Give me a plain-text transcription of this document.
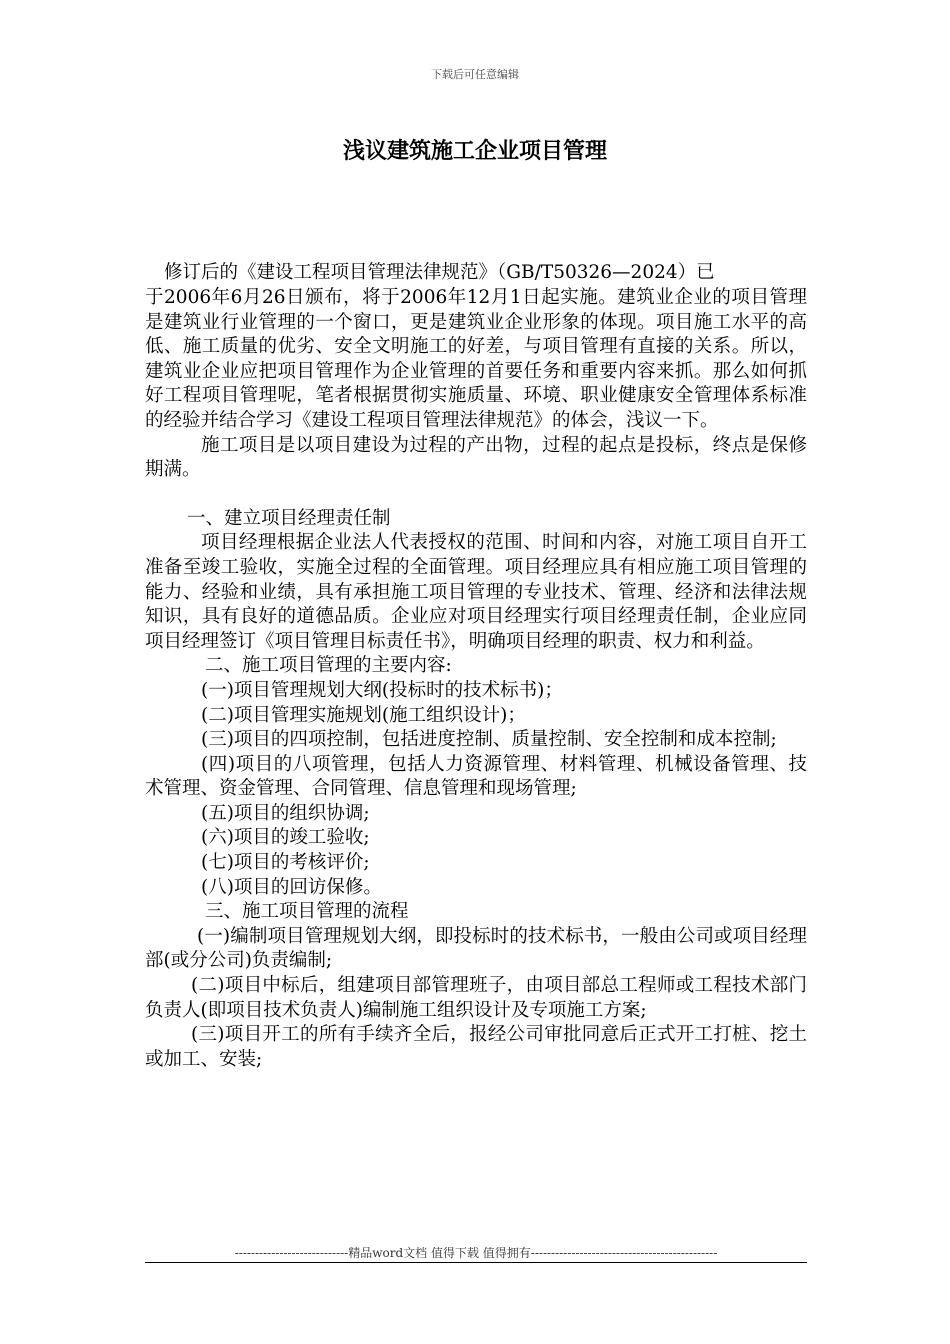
下载后可任意编辑
浅议建筑施工企业项目管理

修订后的《建设工程项目管理法律规范》（GB/T50326—2024）已

于2006年6月26日颁布，将于2006年12月1日起实施。建筑业企业的项目管理是建筑业行业管理的一个窗口，更是建筑业企业形象的体现。项目施工水平的高低、施工质量的优劣、安全文明施工的好差，与项目管理有直接的关系。所以，建筑业企业应把项目管理作为企业管理的首要任务和重要内容来抓。那么如何抓好工程项目管理呢，笔者根据贯彻实施质量、环境、职业健康安全管理体系标准的经验并结合学习《建设工程项目管理法律规范》的体会，浅议一下。

施工项目是以项目建设为过程的产出物，过程的起点是投标，终点是保修期满。

一、建立项目经理责任制

项目经理根据企业法人代表授权的范围、时间和内容，对施工项目自开工准备至竣工验收，实施全过程的全面管理。项目经理应具有相应施工项目管理的能力、经验和业绩，具有承担施工项目管理的专业技术、管理、经济和法律法规知识，具有良好的道德品质。企业应对项目经理实行项目经理责任制，企业应同项目经理签订《项目管理目标责任书》，明确项目经理的职责、权力和利益。

二、施工项目管理的主要内容:

(一)项目管理规划大纲(投标时的技术标书)；

(二)项目管理实施规划(施工组织设计)；

(三)项目的四项控制，包括进度控制、质量控制、安全控制和成本控制;

(四)项目的八项管理，包括人力资源管理、材料管理、机械设备管理、技术管理、资金管理、合同管理、信息管理和现场管理;

(五)项目的组织协调;

(六)项目的竣工验收;

(七)项目的考核评价;

(八)项目的回访保修。

三、施工项目管理的流程

(一)编制项目管理规划大纲，即投标时的技术标书，一般由公司或项目经理部(或分公司)负责编制;

(二)项目中标后，组建项目部管理班子，由项目部总工程师或工程技术部门负责人(即项目技术负责人)编制施工组织设计及专项施工方案;

(三)项目开工的所有手续齐全后，报经公司审批同意后正式开工打桩、挖土或加工、安装;

----------------------------精品word文档 值得下载 值得拥有----------------------------------------------
